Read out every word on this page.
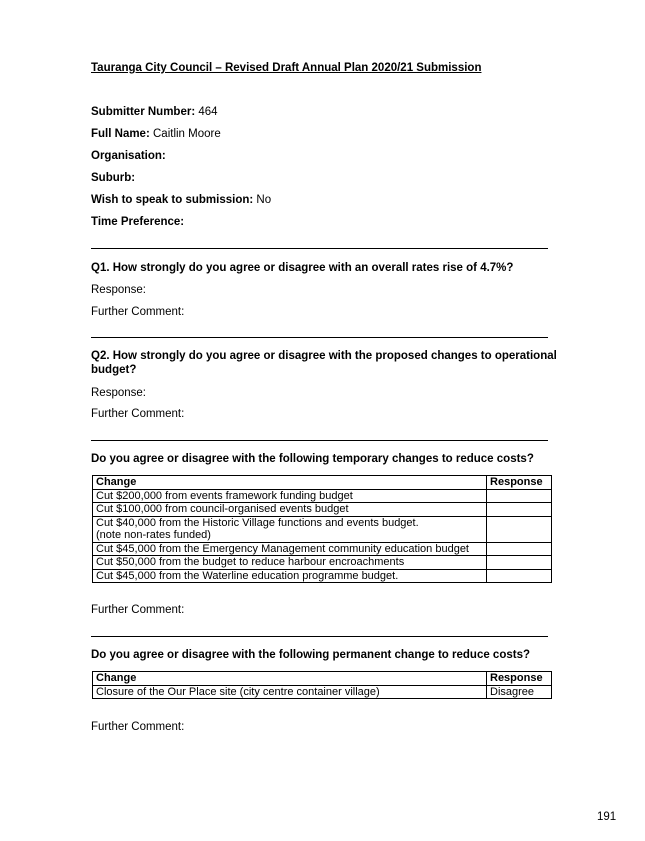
Tauranga City Council – Revised Draft Annual Plan 2020/21 Submission
Submitter Number: 464
Full Name: Caitlin Moore
Organisation:
Suburb:
Wish to speak to submission: No
Time Preference:
Q1. How strongly do you agree or disagree with an overall rates rise of 4.7%?
Response:
Further Comment:
Q2. How strongly do you agree or disagree with the proposed changes to operational
budget?
Response:
Further Comment:
Do you agree or disagree with the following temporary changes to reduce costs?
Change	Response
Cut $200,000 from events framework funding budget	
Cut $100,000 from council-organised events budget	
Cut $40,000 from the Historic Village functions and events budget.
(note non-rates funded)	
Cut $45,000 from the Emergency Management community education budget	
Cut $50,000 from the budget to reduce harbour encroachments	
Cut $45,000 from the Waterline education programme budget.	
Further Comment:
Do you agree or disagree with the following permanent change to reduce costs?
Change	Response
Closure of the Our Place site (city centre container village)	Disagree
Further Comment:
191
